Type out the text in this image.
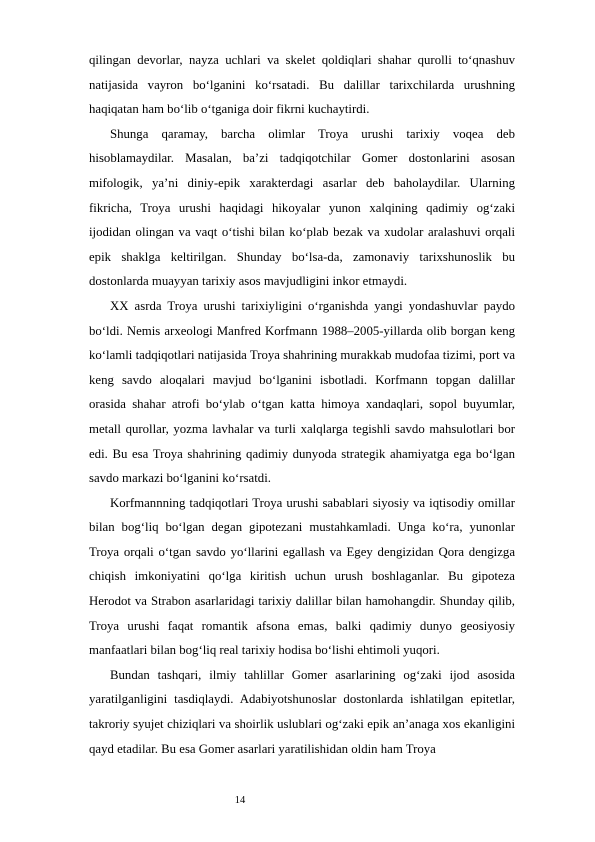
qilingan devorlar, nayza uchlari va skelet qoldiqlari shahar qurolli to‘qnashuv natijasida vayron bo‘lganini ko‘rsatadi. Bu dalillar tarixchilarda urushning haqiqatan ham bo‘lib o‘tganiga doir fikrni kuchaytirdi.

Shunga qaramay, barcha olimlar Troya urushi tarixiy voqea deb hisoblamaydilar. Masalan, ba’zi tadqiqotchilar Gomer dostonlarini asosan mifologik, ya’ni diniy-epik xarakterdagi asarlar deb baholaydilar. Ularning fikricha, Troya urushi haqidagi hikoyalar yunon xalqining qadimiy og‘zaki ijodidan olingan va vaqt o‘tishi bilan ko‘plab bezak va xudolar aralashuvi orqali epik shaklga keltirilgan. Shunday bo‘lsa-da, zamonaviy tarixshunoslik bu dostonlarda muayyan tarixiy asos mavjudligini inkor etmaydi.

XX asrda Troya urushi tarixiyligini o‘rganishda yangi yondashuvlar paydo bo‘ldi. Nemis arxeologi Manfred Korfmann 1988–2005-yillarda olib borgan keng ko‘lamli tadqiqotlari natijasida Troya shahrining murakkab mudofaa tizimi, port va keng savdo aloqalari mavjud bo‘lganini isbotladi. Korfmann topgan dalillar orasida shahar atrofi bo‘ylab o‘tgan katta himoya xandaqlari, sopol buyumlar, metall qurollar, yozma lavhalar va turli xalqlarga tegishli savdo mahsulotlari bor edi. Bu esa Troya shahrining qadimiy dunyoda strategik ahamiyatga ega bo‘lgan savdo markazi bo‘lganini ko‘rsatdi.

Korfmannning tadqiqotlari Troya urushi sabablari siyosiy va iqtisodiy omillar bilan bog‘liq bo‘lgan degan gipotezani mustahkamladi. Unga ko‘ra, yunonlar Troya orqali o‘tgan savdo yo‘llarini egallash va Egey dengizidan Qora dengizga chiqish imkoniyatini qo‘lga kiritish uchun urush boshlaganlar. Bu gipoteza Herodot va Strabon asarlaridagi tarixiy dalillar bilan hamohangdir. Shunday qilib, Troya urushi faqat romantik afsona emas, balki qadimiy dunyo geosiyosiy manfaatlari bilan bog‘liq real tarixiy hodisa bo‘lishi ehtimoli yuqori.

Bundan tashqari, ilmiy tahlillar Gomer asarlarining og‘zaki ijod asosida yaratilganligini tasdiqlaydi. Adabiyotshunoslar dostonlarda ishlatilgan epitetlar, takroriy syujet chiziqlari va shoirlik uslublari og‘zaki epik an’anaga xos ekanligini qayd etadilar. Bu esa Gomer asarlari yaratilishidan oldin ham Troya

14
